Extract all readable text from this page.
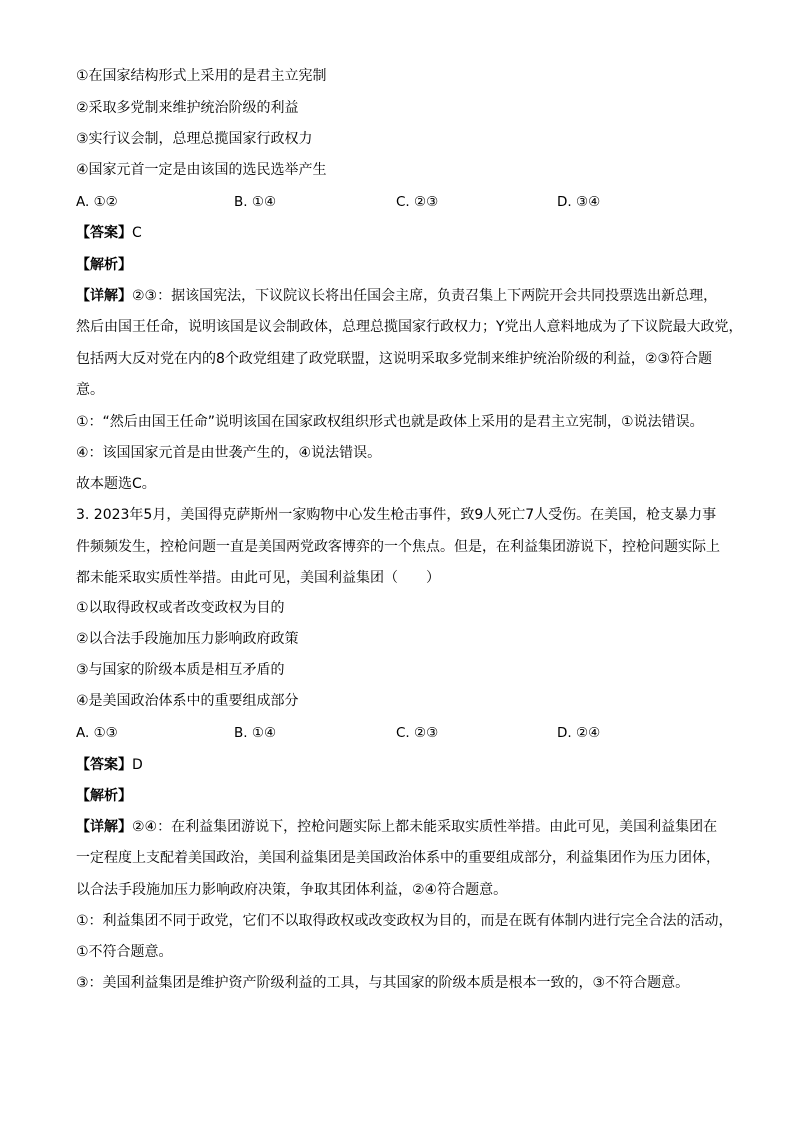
①在国家结构形式上采用的是君主立宪制
②采取多党制来维护统治阶级的利益
③实行议会制，总理总揽国家行政权力
④国家元首一定是由该国的选民选举产生
A. ①②	B. ①④	C. ②③	D. ③④
【答案】C
【解析】
【详解】②③：据该国宪法，下议院议长将出任国会主席，负责召集上下两院开会共同投票选出新总理，
然后由国王任命，说明该国是议会制政体，总理总揽国家行政权力；Y党出人意料地成为了下议院最大政党，
包括两大反对党在内的8个政党组建了政党联盟，这说明采取多党制来维护统治阶级的利益，②③符合题
意。
①：“然后由国王任命”说明该国在国家政权组织形式也就是政体上采用的是君主立宪制，①说法错误。
④：该国国家元首是由世袭产生的，④说法错误。
故本题选C。
3. 2023年5月，美国得克萨斯州一家购物中心发生枪击事件，致9人死亡7人受伤。在美国，枪支暴力事
件频频发生，控枪问题一直是美国两党政客博弈的一个焦点。但是，在利益集团游说下，控枪问题实际上
都未能采取实质性举措。由此可见，美国利益集团（　　）
①以取得政权或者改变政权为目的
②以合法手段施加压力影响政府政策
③与国家的阶级本质是相互矛盾的
④是美国政治体系中的重要组成部分
A. ①③	B. ①④	C. ②③	D. ②④
【答案】D
【解析】
【详解】②④：在利益集团游说下，控枪问题实际上都未能采取实质性举措。由此可见，美国利益集团在
一定程度上支配着美国政治，美国利益集团是美国政治体系中的重要组成部分，利益集团作为压力团体，
以合法手段施加压力影响政府决策，争取其团体利益，②④符合题意。
①：利益集团不同于政党，它们不以取得政权或改变政权为目的，而是在既有体制内进行完全合法的活动，
①不符合题意。
③：美国利益集团是维护资产阶级利益的工具，与其国家的阶级本质是根本一致的，③不符合题意。
